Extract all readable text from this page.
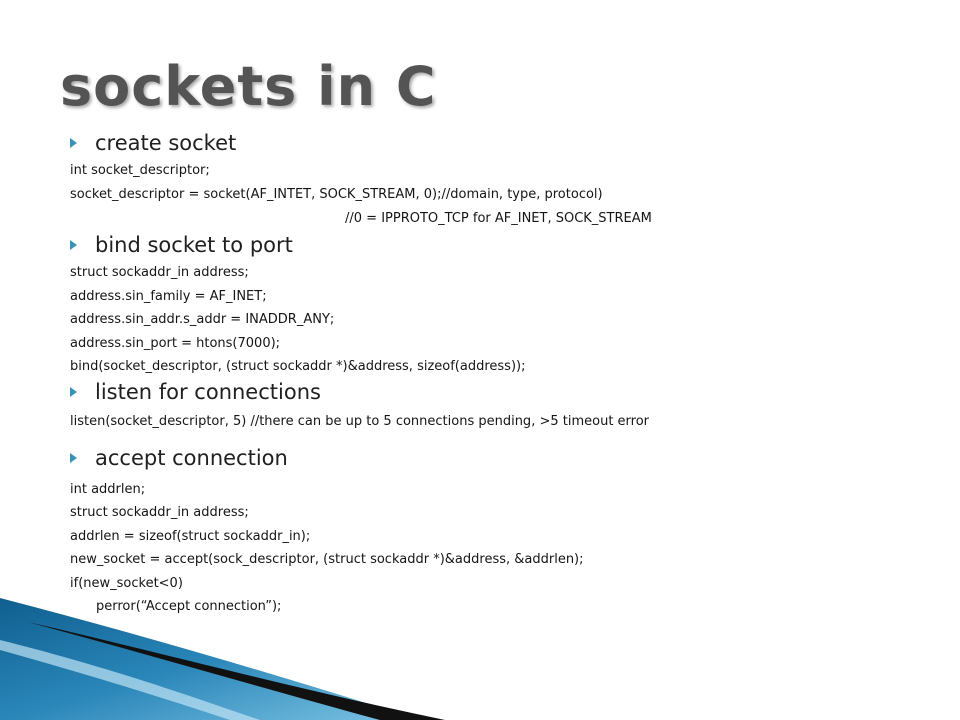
sockets in C
create socket
int socket_descriptor;
socket_descriptor = socket(AF_INTET, SOCK_STREAM, 0);//domain, type, protocol)
//0 = IPPROTO_TCP for AF_INET, SOCK_STREAM
bind socket to port
struct sockaddr_in address;
address.sin_family = AF_INET;
address.sin_addr.s_addr = INADDR_ANY;
address.sin_port = htons(7000);
bind(socket_descriptor, (struct sockaddr *)&address, sizeof(address));
listen for connections
listen(socket_descriptor, 5) //there can be up to 5 connections pending, >5 timeout error
accept connection
int addrlen;
struct sockaddr_in address;
addrlen = sizeof(struct sockaddr_in);
new_socket = accept(sock_descriptor, (struct sockaddr *)&address, &addrlen);
if(new_socket<0)
perror(“Accept connection”);
